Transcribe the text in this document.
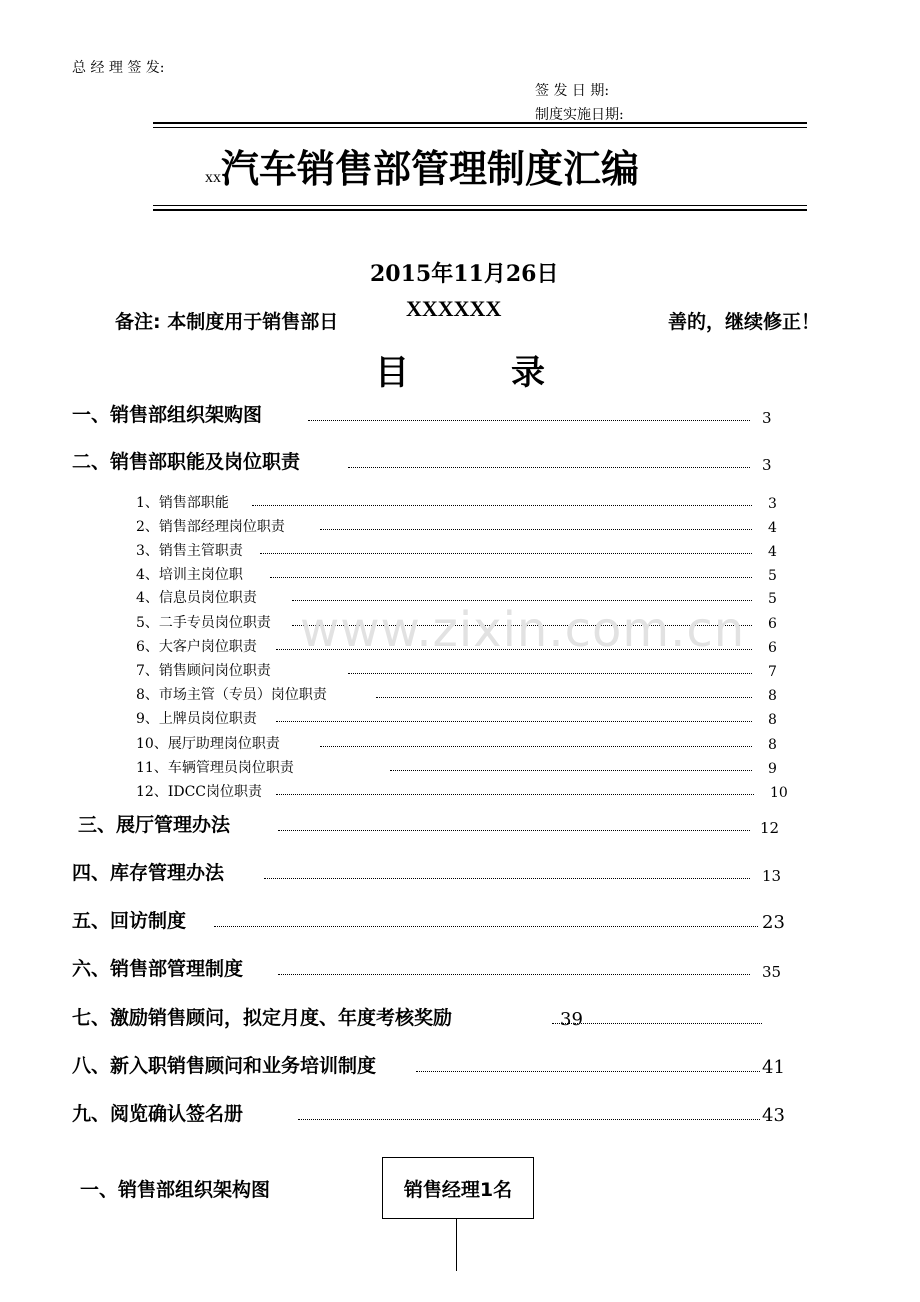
总 经 理 签 发:
签 发 日 期:
制度实施日期:
xx汽车销售部管理制度汇编
2015年11月26日
备注: 本制度用于销售部日	善的，继续修正！
XXXXXX
目　　　录
一、销售部组织架购图	3
二、销售部职能及岗位职责	3
1、销售部职能	3
2、销售部经理岗位职责	4
3、销售主管职责	4
4、培训主岗位职	5
4、信息员岗位职责	5
5、二手专员岗位职责	6
6、大客户岗位职责	6
7、销售顾问岗位职责	7
8、市场主管（专员）岗位职责	8
9、上牌员岗位职责	8
10、展厅助理岗位职责	8
11、车辆管理员岗位职责	9
12、IDCC岗位职责	10
三、展厅管理办法	12
四、库存管理办法	13
五、回访制度	23
六、销售部管理制度	35
七、激励销售顾问，拟定月度、年度考核奖励	39
八、新入职销售顾问和业务培训制度	41
九、阅览确认签名册	43
www.zixin.com.cn
一、销售部组织架构图	销售经理1名
